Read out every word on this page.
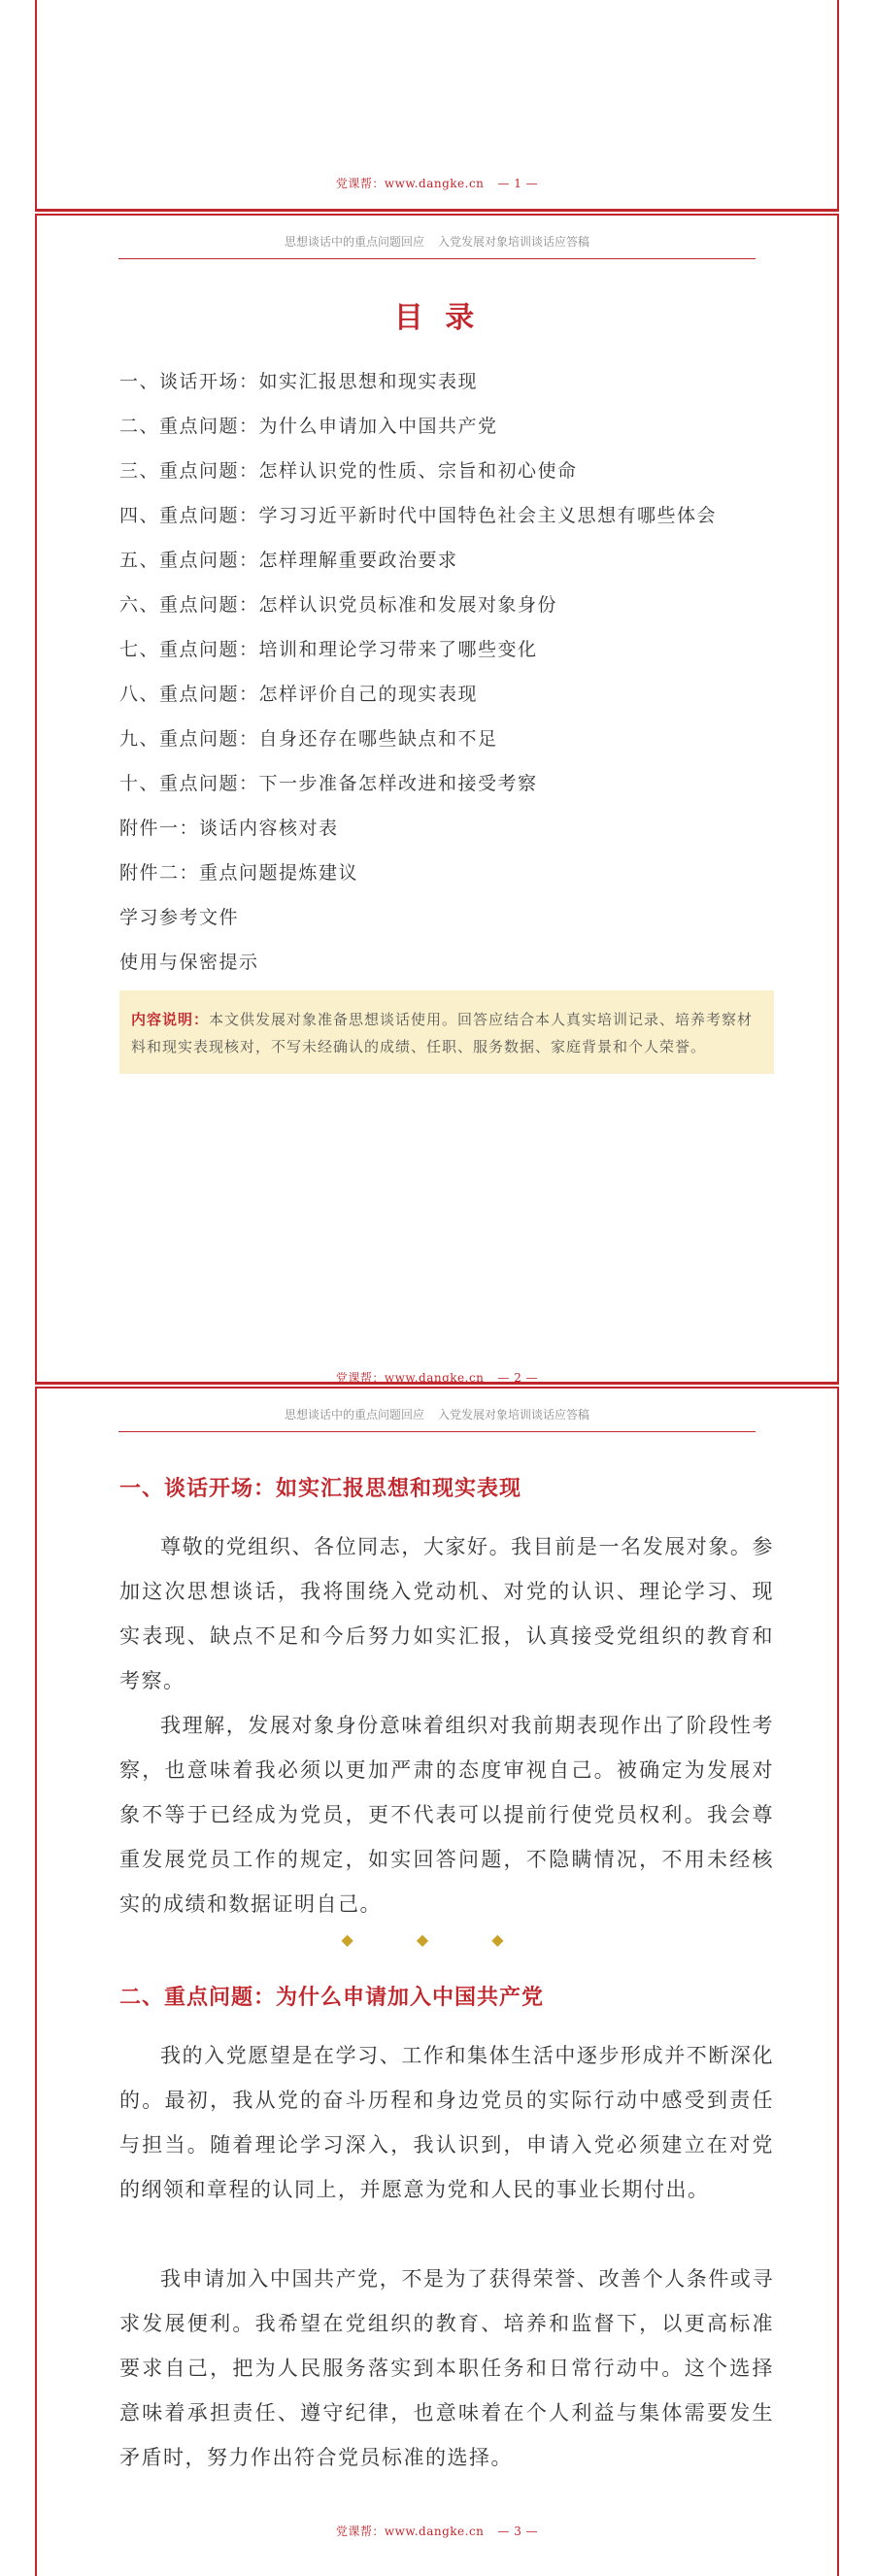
党课帮：www.dangke.cn — 1 —
思想谈话中的重点问题回应 入党发展对象培训谈话应答稿
目 录
一、谈话开场：如实汇报思想和现实表现
二、重点问题：为什么申请加入中国共产党
三、重点问题：怎样认识党的性质、宗旨和初心使命
四、重点问题：学习习近平新时代中国特色社会主义思想有哪些体会
五、重点问题：怎样理解重要政治要求
六、重点问题：怎样认识党员标准和发展对象身份
七、重点问题：培训和理论学习带来了哪些变化
八、重点问题：怎样评价自己的现实表现
九、重点问题：自身还存在哪些缺点和不足
十、重点问题：下一步准备怎样改进和接受考察
附件一：谈话内容核对表
附件二：重点问题提炼建议
学习参考文件
使用与保密提示
内容说明：本文供发展对象准备思想谈话使用。回答应结合本人真实培训记录、培养考察材料和现实表现核对，不写未经确认的成绩、任职、服务数据、家庭背景和个人荣誉。
党课帮：www.dangke.cn — 2 —
思想谈话中的重点问题回应 入党发展对象培训谈话应答稿
一、谈话开场：如实汇报思想和现实表现

尊敬的党组织、各位同志，大家好。我目前是一名发展对象。参加这次思想谈话，我将围绕入党动机、对党的认识、理论学习、现实表现、缺点不足和今后努力如实汇报，认真接受党组织的教育和考察。

我理解，发展对象身份意味着组织对我前期表现作出了阶段性考察，也意味着我必须以更加严肃的态度审视自己。被确定为发展对象不等于已经成为党员，更不代表可以提前行使党员权利。我会尊重发展党员工作的规定，如实回答问题，不隐瞒情况，不用未经核实的成绩和数据证明自己。

◆ ◆ ◆
二、重点问题：为什么申请加入中国共产党

我的入党愿望是在学习、工作和集体生活中逐步形成并不断深化的。最初，我从党的奋斗历程和身边党员的实际行动中感受到责任与担当。随着理论学习深入，我认识到，申请入党必须建立在对党的纲领和章程的认同上，并愿意为党和人民的事业长期付出。

我申请加入中国共产党，不是为了获得荣誉、改善个人条件或寻求发展便利。我希望在党组织的教育、培养和监督下，以更高标准要求自己，把为人民服务落实到本职任务和日常行动中。这个选择意味着承担责任、遵守纪律，也意味着在个人利益与集体需要发生矛盾时，努力作出符合党员标准的选择。

党课帮：www.dangke.cn — 3 —
